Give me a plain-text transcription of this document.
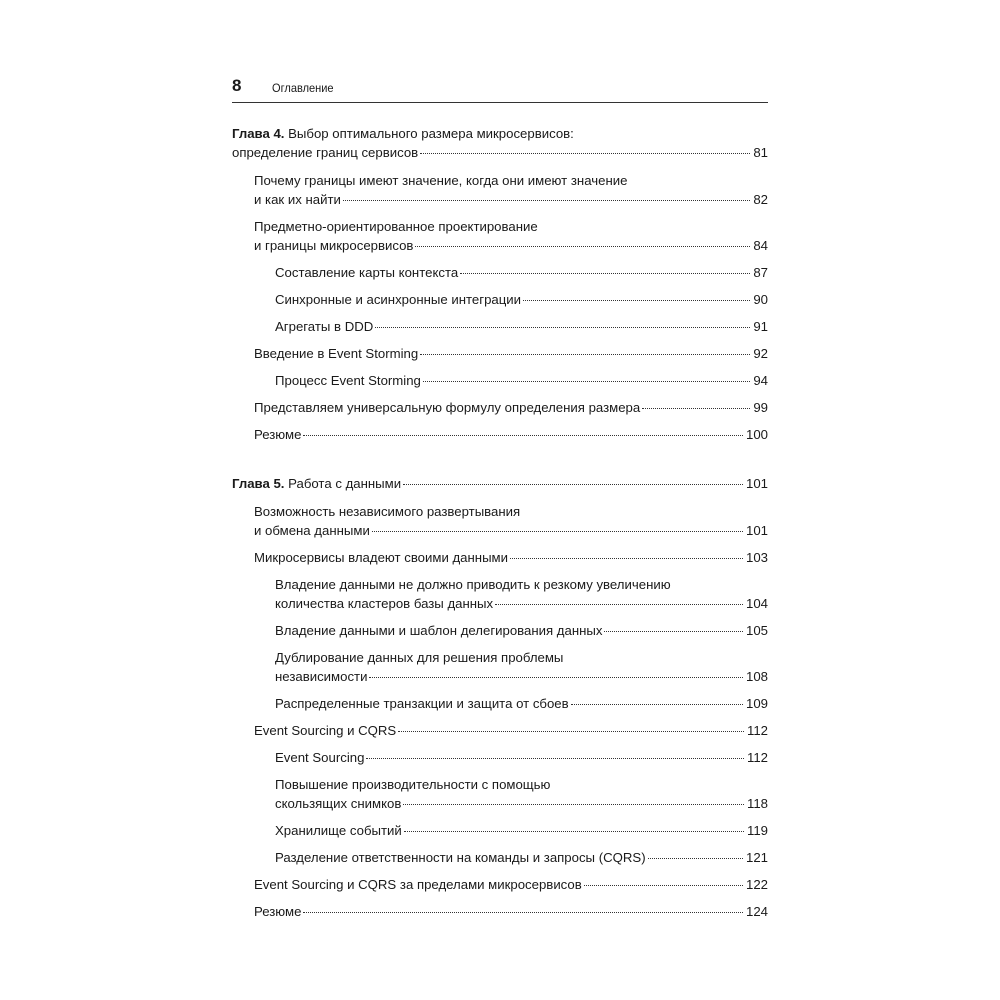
8	Оглавление
Глава 4. Выбор оптимального размера микросервисов:
определение границ сервисов	81
Почему границы имеют значение, когда они имеют значение
и как их найти	82
Предметно-ориентированное проектирование
и границы микросервисов	84
Составление карты контекста	87
Синхронные и асинхронные интеграции	90
Агрегаты в DDD	91
Введение в Event Storming	92
Процесс Event Storming	94
Представляем универсальную формулу определения размера	99
Резюме	100
Глава 5. Работа с данными	101
Возможность независимого развертывания
и обмена данными	101
Микросервисы владеют своими данными	103
Владение данными не должно приводить к резкому увеличению
количества кластеров базы данных	104
Владение данными и шаблон делегирования данных	105
Дублирование данных для решения проблемы
независимости	108
Распределенные транзакции и защита от сбоев	109
Event Sourcing и CQRS	112
Event Sourcing	112
Повышение производительности с помощью
скользящих снимков	118
Хранилище событий	119
Разделение ответственности на команды и запросы (CQRS)	121
Event Sourcing и CQRS за пределами микросервисов	122
Резюме	124
